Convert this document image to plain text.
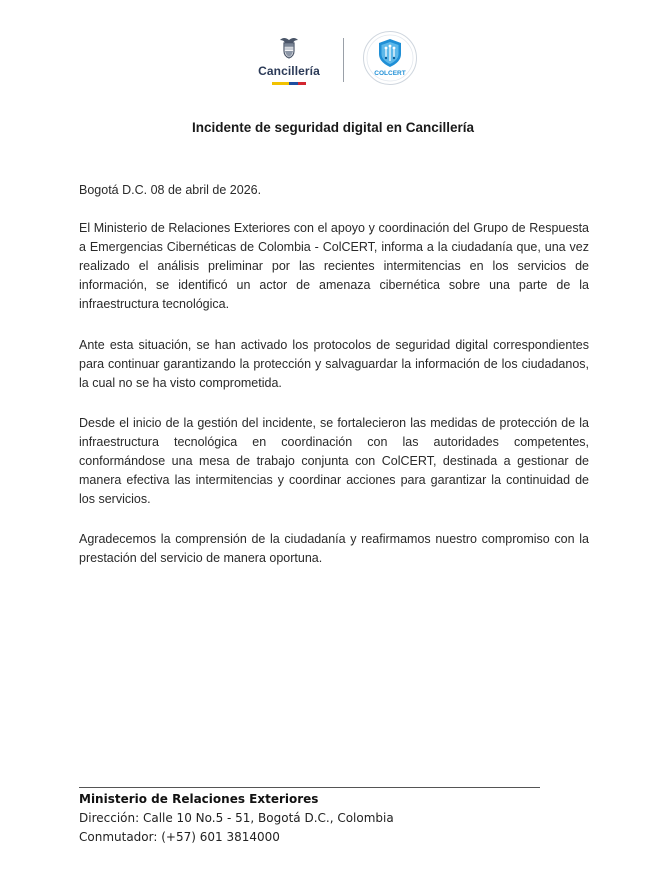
Cancillería	COLCERT
Incidente de seguridad digital en Cancillería

Bogotá D.C. 08 de abril de 2026.

El Ministerio de Relaciones Exteriores con el apoyo y coordinación del Grupo de Respuesta a Emergencias Cibernéticas de Colombia - ColCERT, informa a la ciudadanía que, una vez realizado el análisis preliminar por las recientes intermitencias en los servicios de información, se identificó un actor de amenaza cibernética sobre una parte de la infraestructura tecnológica.

Ante esta situación, se han activado los protocolos de seguridad digital correspondientes para continuar garantizando la protección y salvaguardar la información de los ciudadanos, la cual no se ha visto comprometida.

Desde el inicio de la gestión del incidente, se fortalecieron las medidas de protección de la infraestructura tecnológica en coordinación con las autoridades competentes, conformándose una mesa de trabajo conjunta con ColCERT, destinada a gestionar de manera efectiva las intermitencias y coordinar acciones para garantizar la continuidad de los servicios.

Agradecemos la comprensión de la ciudadanía y reafirmamos nuestro compromiso con la prestación del servicio de manera oportuna.

Ministerio de Relaciones Exteriores
Dirección: Calle 10 No.5 - 51, Bogotá D.C., Colombia
Conmutador: (+57) 601 3814000
